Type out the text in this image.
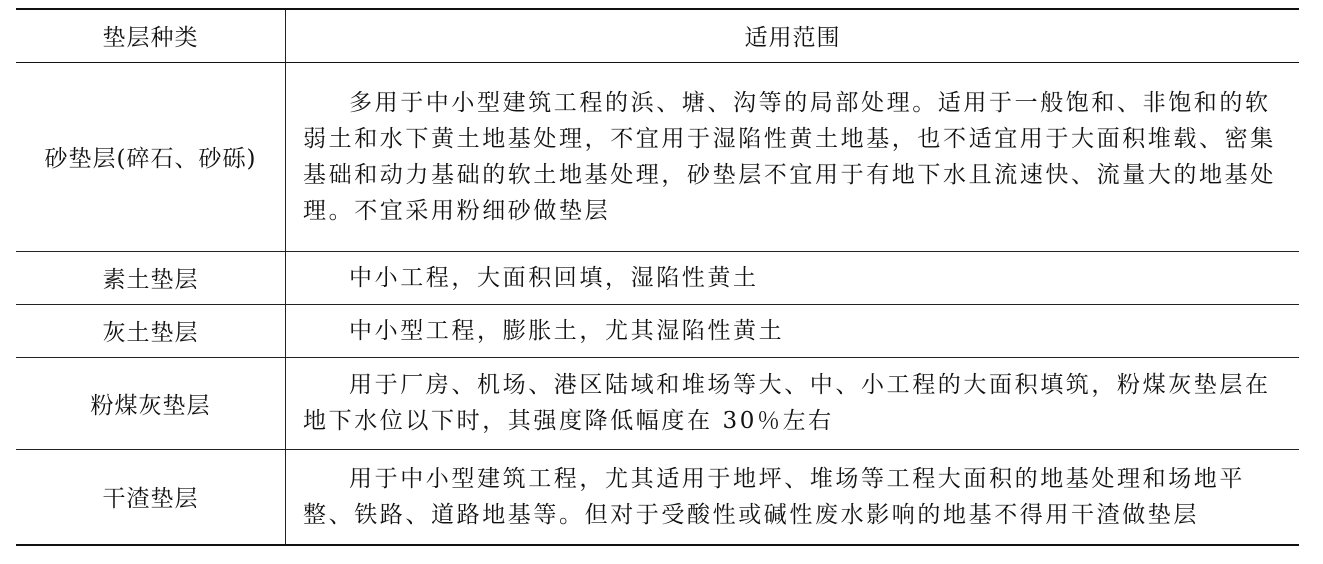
垫层种类	适用范围
砂垫层(碎石、砂砾)	多用于中小型建筑工程的浜、塘、沟等的局部处理。适用于一般饱和、非饱和的软弱土和水下黄土地基处理，不宜用于湿陷性黄土地基，也不适宜用于大面积堆载、密集基础和动力基础的软土地基处理，砂垫层不宜用于有地下水且流速快、流量大的地基处理。不宜采用粉细砂做垫层

素土垫层	中小工程，大面积回填，湿陷性黄土

灰土垫层	中小型工程，膨胀土，尤其湿陷性黄土

粉煤灰垫层	用于厂房、机场、港区陆域和堆场等大、中、小工程的大面积填筑，粉煤灰垫层在地下水位以下时，其强度降低幅度在 30％左右

干渣垫层	用于中小型建筑工程，尤其适用于地坪、堆场等工程大面积的地基处理和场地平整、铁路、道路地基等。但对于受酸性或碱性废水影响的地基不得用干渣做垫层
